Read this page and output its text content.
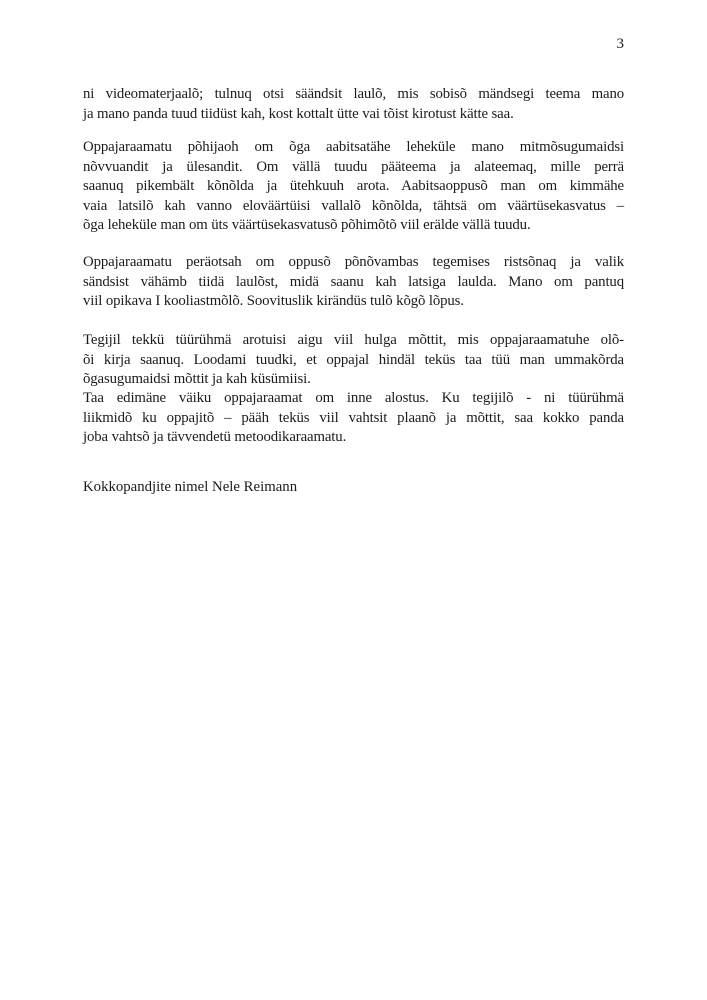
3
ni videomaterjaalõ; tulnuq otsi säändsit laulõ, mis sobisõ mändsegi teema mano
ja mano panda tuud tiidüst kah, kost kottalt ütte vai tõist kirotust kätte saa.
Oppajaraamatu põhijaoh om õga aabitsatähe leheküle mano mitmõsugumaidsi
nõvvuandit ja ülesandit. Om vällä tuudu pääteema ja alateemaq, mille perrä
saanuq pikembält kõnõlda ja ütehkuuh arota. Aabitsaoppusõ man om kimmähe
vaia latsilõ kah vanno eloväärtüisi vallalõ kõnõlda, tähtsä om väärtüsekasvatus –
õga leheküle man om üts väärtüsekasvatusõ põhimõtõ viil erälde vällä tuudu.
Oppajaraamatu peräotsah om oppusõ põnõvambas tegemises ristsõnaq ja valik
sändsist vähämb tiidä laulõst, midä saanu kah latsiga laulda. Mano om pantuq
viil opikava I kooliastmõlõ. Soovituslik kirändüs tulõ kõgõ lõpus.
Tegijil tekkü tüürühmä arotuisi aigu viil hulga mõttit, mis oppajaraamatuhe olõ-
õi kirja saanuq. Loodami tuudki, et oppajal hindäl teküs taa tüü man ummakõrda
õgasugumaidsi mõttit ja kah küsümiisi.
Taa edimäne väiku oppajaraamat om inne alostus. Ku tegijilõ - ni tüürühmä
liikmidõ ku oppajitõ – pääh teküs viil vahtsit plaanõ ja mõttit, saa kokko panda
joba vahtsõ ja tävvendetü metoodikaraamatu.
Kokkopandjite nimel Nele Reimann
